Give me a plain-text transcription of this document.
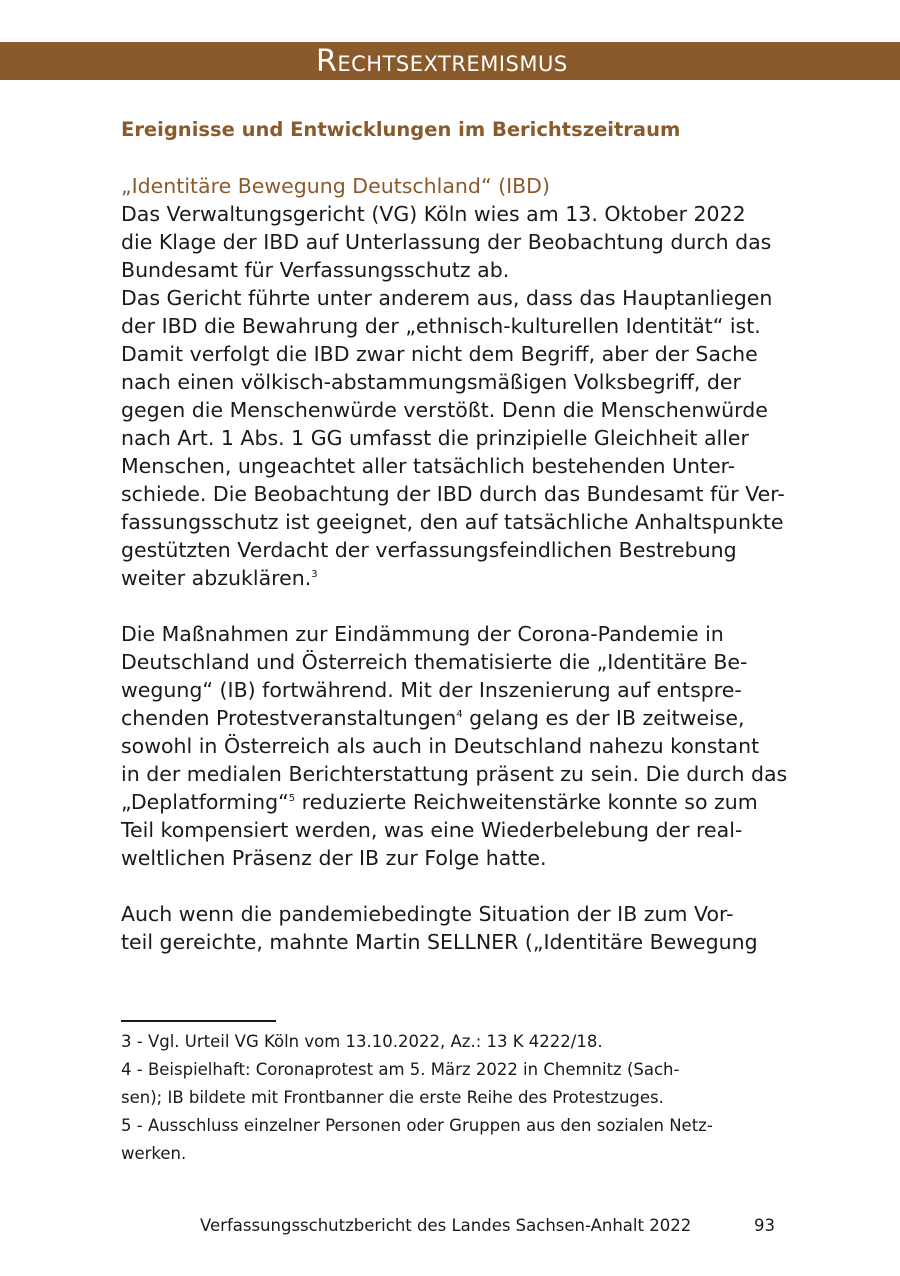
Rechtsextremismus
Ereignisse und Entwicklungen im Berichtszeitraum
„Identitäre Bewegung Deutschland“ (IBD)
Das Verwaltungsgericht (VG) Köln wies am 13. Oktober 2022
die Klage der IBD auf Unterlassung der Beobachtung durch das
Bundesamt für Verfassungsschutz ab.
Das Gericht führte unter anderem aus, dass das Hauptanliegen
der IBD die Bewahrung der „ethnisch-kulturellen Identität“ ist.
Damit verfolgt die IBD zwar nicht dem Begriff, aber der Sache
nach einen völkisch-abstammungsmäßigen Volksbegriff, der
gegen die Menschenwürde verstößt. Denn die Menschenwürde
nach Art. 1 Abs. 1 GG umfasst die prinzipielle Gleichheit aller
Menschen, ungeachtet aller tatsächlich bestehenden Unter-
schiede. Die Beobachtung der IBD durch das Bundesamt für Ver-
fassungsschutz ist geeignet, den auf tatsächliche Anhaltspunkte
gestützten Verdacht der verfassungsfeindlichen Bestrebung
weiter abzuklären.$^3$
Die Maßnahmen zur Eindämmung der Corona-Pandemie in
Deutschland und Österreich thematisierte die „Identitäre Be-
wegung“ (IB) fortwährend. Mit der Inszenierung auf entspre-
chenden Protestveranstaltungen$^4$ gelang es der IB zeitweise,
sowohl in Österreich als auch in Deutschland nahezu konstant
in der medialen Berichterstattung präsent zu sein. Die durch das
„Deplatforming“$^5$ reduzierte Reichweitenstärke konnte so zum
Teil kompensiert werden, was eine Wiederbelebung der real-
weltlichen Präsenz der IB zur Folge hatte.
Auch wenn die pandemiebedingte Situation der IB zum Vor-
teil gereichte, mahnte Martin SELLNER („Identitäre Bewegung
3 - Vgl. Urteil VG Köln vom 13.10.2022, Az.: 13 K 4222/18.
4 - Beispielhaft: Coronaprotest am 5. März 2022 in Chemnitz (Sach-
sen); IB bildete mit Frontbanner die erste Reihe des Protestzuges.
5 - Ausschluss einzelner Personen oder Gruppen aus den sozialen Netz-
werken.
Verfassungsschutzbericht des Landes Sachsen-Anhalt 2022	93
